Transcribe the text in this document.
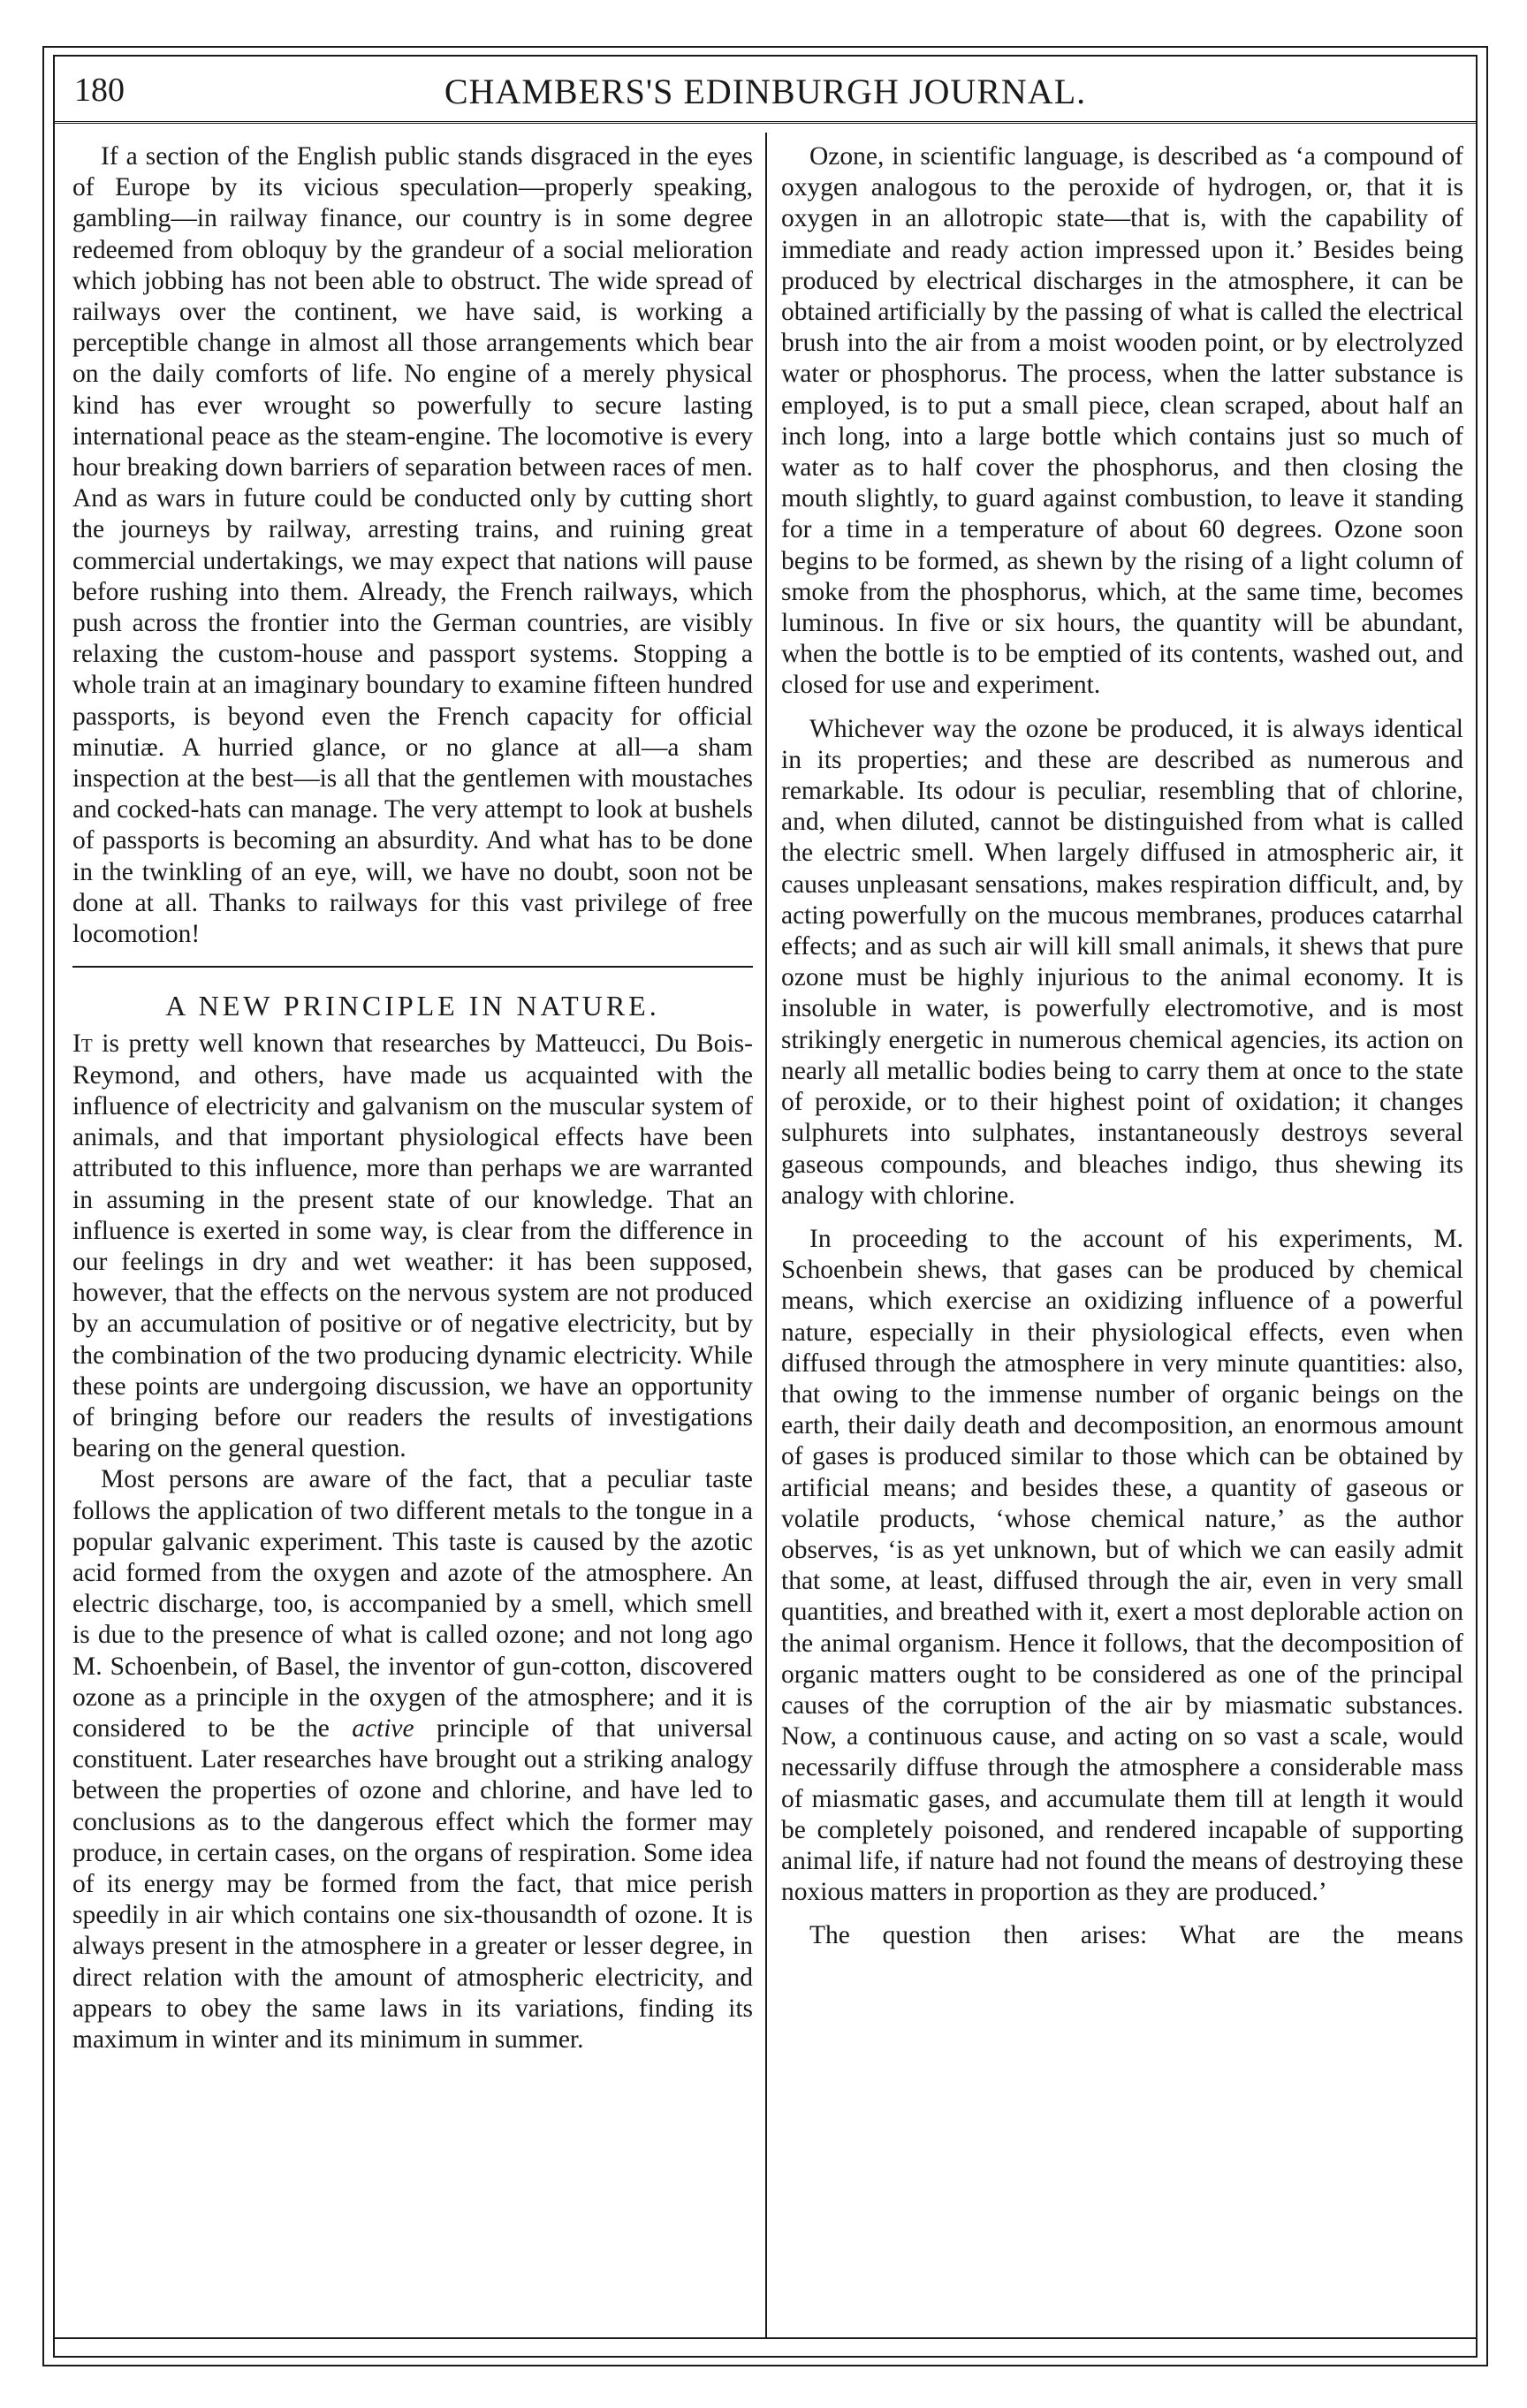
180	CHAMBERS'S EDINBURGH JOURNAL.

If a section of the English public stands disgraced in the eyes of Europe by its vicious speculation—properly speaking, gambling—in railway finance, our country is in some degree redeemed from obloquy by the grandeur of a social melioration which jobbing has not been able to obstruct. The wide spread of railways over the continent, we have said, is working a perceptible change in almost all those arrangements which bear on the daily comforts of life. No engine of a merely physical kind has ever wrought so powerfully to secure lasting international peace as the steam-engine. The locomotive is every hour breaking down barriers of separation between races of men. And as wars in future could be conducted only by cutting short the journeys by railway, arresting trains, and ruining great commercial undertakings, we may expect that nations will pause before rushing into them. Already, the French railways, which push across the frontier into the German countries, are visibly relaxing the custom-house and passport systems. Stopping a whole train at an imaginary boundary to examine fifteen hundred passports, is beyond even the French capacity for official minutiæ. A hurried glance, or no glance at all—a sham inspection at the best—is all that the gentlemen with moustaches and cocked-hats can manage. The very attempt to look at bushels of passports is becoming an absurdity. And what has to be done in the twinkling of an eye, will, we have no doubt, soon not be done at all. Thanks to railways for this vast privilege of free locomotion!

A NEW PRINCIPLE IN NATURE.

It is pretty well known that researches by Matteucci, Du Bois-Reymond, and others, have made us acquainted with the influence of electricity and galvanism on the muscular system of animals, and that important physiological effects have been attributed to this influence, more than perhaps we are warranted in assuming in the present state of our knowledge. That an influence is exerted in some way, is clear from the difference in our feelings in dry and wet weather: it has been supposed, however, that the effects on the nervous system are not produced by an accumulation of positive or of negative electricity, but by the combination of the two producing dynamic electricity. While these points are undergoing discussion, we have an opportunity of bringing before our readers the results of investigations bearing on the general question.

Most persons are aware of the fact, that a peculiar taste follows the application of two different metals to the tongue in a popular galvanic experiment. This taste is caused by the azotic acid formed from the oxygen and azote of the atmosphere. An electric discharge, too, is accompanied by a smell, which smell is due to the presence of what is called ozone; and not long ago M. Schoenbein, of Basel, the inventor of gun-cotton, discovered ozone as a principle in the oxygen of the atmosphere; and it is considered to be the active principle of that universal constituent. Later researches have brought out a striking analogy between the properties of ozone and chlorine, and have led to conclusions as to the dangerous effect which the former may produce, in certain cases, on the organs of respiration. Some idea of its energy may be formed from the fact, that mice perish speedily in air which contains one six-thousandth of ozone. It is always present in the atmosphere in a greater or lesser degree, in direct relation with the amount of atmospheric electricity, and appears to obey the same laws in its variations, finding its maximum in winter and its minimum in summer.

Ozone, in scientific language, is described as ‘a compound of oxygen analogous to the peroxide of hydrogen, or, that it is oxygen in an allotropic state—that is, with the capability of immediate and ready action impressed upon it.’ Besides being produced by electrical discharges in the atmosphere, it can be obtained artificially by the passing of what is called the electrical brush into the air from a moist wooden point, or by electrolyzed water or phosphorus. The process, when the latter substance is employed, is to put a small piece, clean scraped, about half an inch long, into a large bottle which contains just so much of water as to half cover the phosphorus, and then closing the mouth slightly, to guard against combustion, to leave it standing for a time in a temperature of about 60 degrees. Ozone soon begins to be formed, as shewn by the rising of a light column of smoke from the phosphorus, which, at the same time, becomes luminous. In five or six hours, the quantity will be abundant, when the bottle is to be emptied of its contents, washed out, and closed for use and experiment.

Whichever way the ozone be produced, it is always identical in its properties; and these are described as numerous and remarkable. Its odour is peculiar, resembling that of chlorine, and, when diluted, cannot be distinguished from what is called the electric smell. When largely diffused in atmospheric air, it causes unpleasant sensations, makes respiration difficult, and, by acting powerfully on the mucous membranes, produces catarrhal effects; and as such air will kill small animals, it shews that pure ozone must be highly injurious to the animal economy. It is insoluble in water, is powerfully electromotive, and is most strikingly energetic in numerous chemical agencies, its action on nearly all metallic bodies being to carry them at once to the state of peroxide, or to their highest point of oxidation; it changes sulphurets into sulphates, instantaneously destroys several gaseous compounds, and bleaches indigo, thus shewing its analogy with chlorine.

In proceeding to the account of his experiments, M. Schoenbein shews, that gases can be produced by chemical means, which exercise an oxidizing influence of a powerful nature, especially in their physiological effects, even when diffused through the atmosphere in very minute quantities: also, that owing to the immense number of organic beings on the earth, their daily death and decomposition, an enormous amount of gases is produced similar to those which can be obtained by artificial means; and besides these, a quantity of gaseous or volatile products, ‘whose chemical nature,’ as the author observes, ‘is as yet unknown, but of which we can easily admit that some, at least, diffused through the air, even in very small quantities, and breathed with it, exert a most deplorable action on the animal organism. Hence it follows, that the decomposition of organic matters ought to be considered as one of the principal causes of the corruption of the air by miasmatic substances. Now, a continuous cause, and acting on so vast a scale, would necessarily diffuse through the atmosphere a considerable mass of miasmatic gases, and accumulate them till at length it would be completely poisoned, and rendered incapable of supporting animal life, if nature had not found the means of destroying these noxious matters in proportion as they are produced.’

The question then arises: What are the means
